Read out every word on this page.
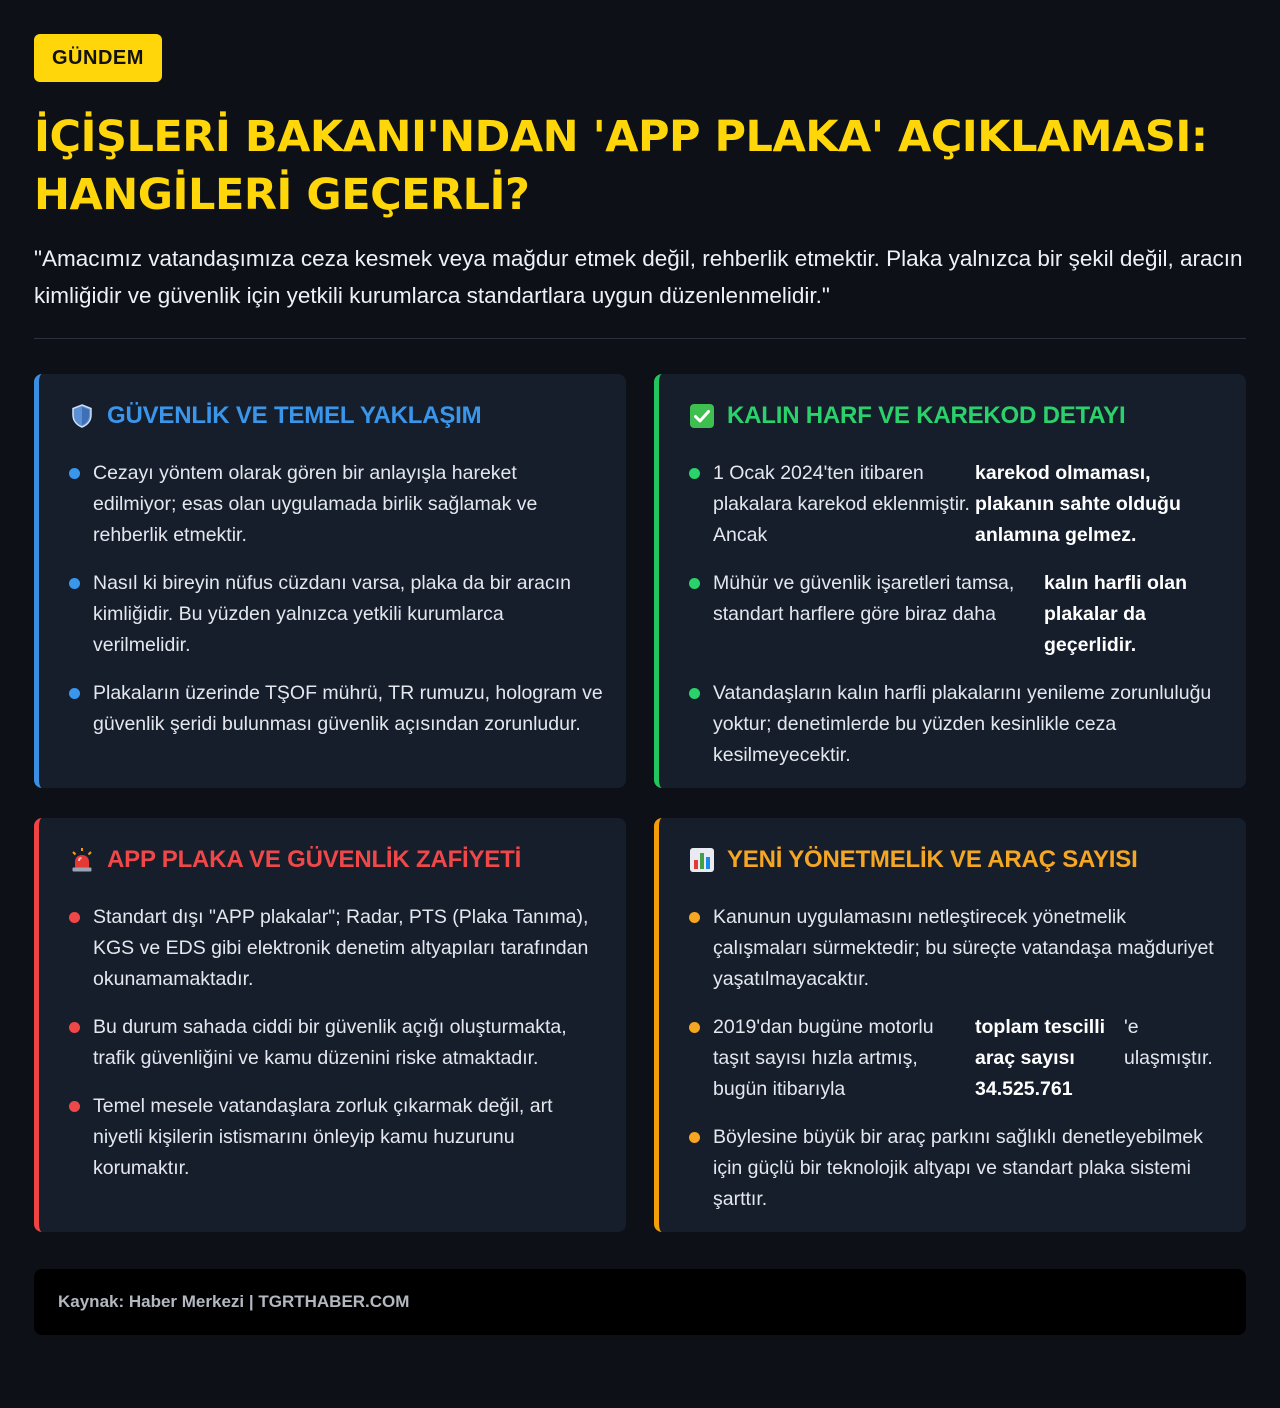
GÜNDEM
İÇİŞLERİ BAKANI'NDAN 'APP PLAKA' AÇIKLAMASI: HANGİLERİ GEÇERLİ?

"Amacımız vatandaşımıza ceza kesmek veya mağdur etmek değil, rehberlik etmektir. Plaka yalnızca bir şekil değil, aracın kimliğidir ve güvenlik için yetkili kurumlarca standartlara uygun düzenlenmelidir."

GÜVENLİK VE TEMEL YAKLAŞIM
Cezayı yöntem olarak gören bir anlayışla hareket edilmiyor; esas olan uygulamada birlik sağlamak ve rehberlik etmektir.
Nasıl ki bireyin nüfus cüzdanı varsa, plaka da bir aracın kimliğidir. Bu yüzden yalnızca yetkili kurumlarca verilmelidir.
Plakaların üzerinde TŞOF mührü, TR rumuzu, hologram ve güvenlik şeridi bulunması güvenlik açısından zorunludur.
KALIN HARF VE KAREKOD DETAYI
1 Ocak 2024'ten itibaren plakalara karekod eklenmiştir. Ancak
karekod olmaması, plakanın sahte olduğu anlamına gelmez.
Mühür ve güvenlik işaretleri tamsa, standart harflere göre biraz daha
kalın harfli olan plakalar da geçerlidir.
Vatandaşların kalın harfli plakalarını yenileme zorunluluğu yoktur; denetimlerde bu yüzden kesinlikle ceza kesilmeyecektir.
APP PLAKA VE GÜVENLİK ZAFİYETİ
Standart dışı "APP plakalar"; Radar, PTS (Plaka Tanıma), KGS ve EDS gibi elektronik denetim altyapıları tarafından okunamamaktadır.
Bu durum sahada ciddi bir güvenlik açığı oluşturmakta, trafik güvenliğini ve kamu düzenini riske atmaktadır.
Temel mesele vatandaşlara zorluk çıkarmak değil, art niyetli kişilerin istismarını önleyip kamu huzurunu korumaktır.
YENİ YÖNETMELİK VE ARAÇ SAYISI
Kanunun uygulamasını netleştirecek yönetmelik çalışmaları sürmektedir; bu süreçte vatandaşa mağduriyet yaşatılmayacaktır.
2019'dan bugüne motorlu taşıt sayısı hızla artmış, bugün itibarıyla
toplam tescilli araç sayısı 34.525.761
'e ulaşmıştır.
Böylesine büyük bir araç parkını sağlıklı denetleyebilmek için güçlü bir teknolojik altyapı ve standart plaka sistemi şarttır.
Kaynak: Haber Merkezi | TGRTHABER.COM
